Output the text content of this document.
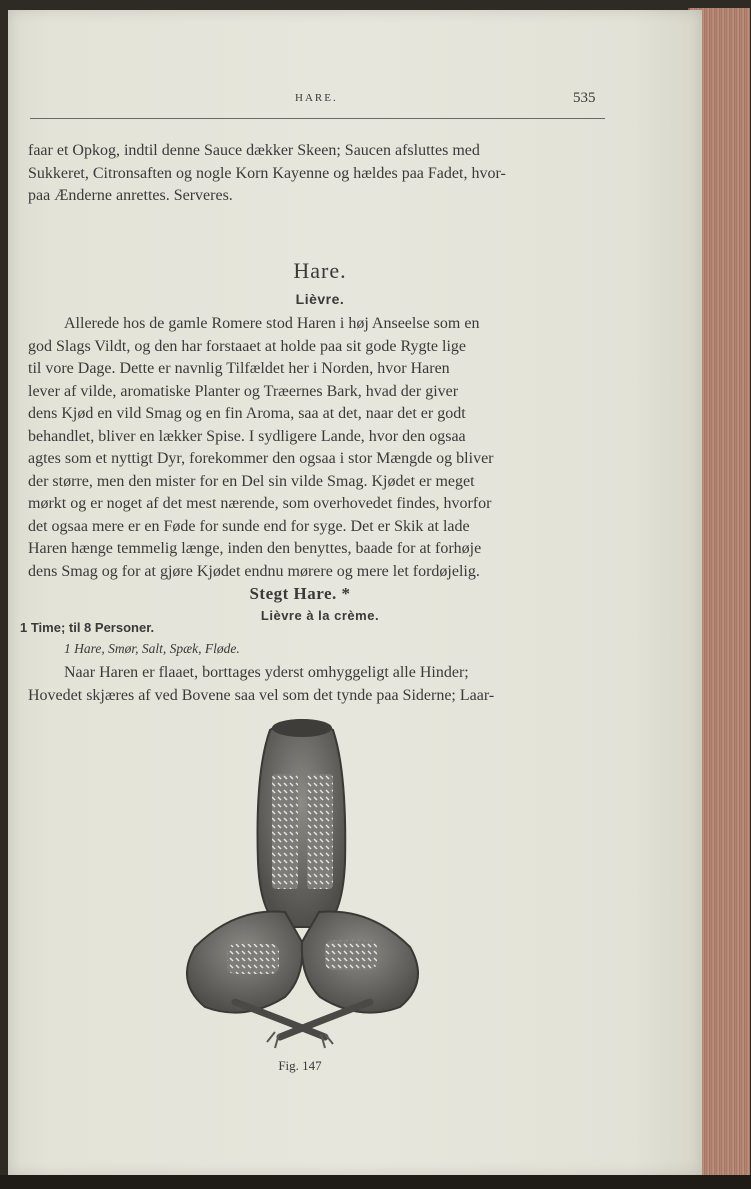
HARE.	535

faar et Opkog, indtil denne Sauce dækker Skeen; Saucen afsluttes med

Sukkeret, Citronsaften og nogle Korn Kayenne og hældes paa Fadet, hvor-

paa Ænderne anrettes. Serveres.

Hare.
Lièvre.

Allerede hos de gamle Romere stod Haren i høj Anseelse som en

god Slags Vildt, og den har forstaaet at holde paa sit gode Rygte lige

til vore Dage. Dette er navnlig Tilfældet her i Norden, hvor Haren

lever af vilde, aromatiske Planter og Træernes Bark, hvad der giver

dens Kjød en vild Smag og en fin Aroma, saa at det, naar det er godt

behandlet, bliver en lækker Spise. I sydligere Lande, hvor den ogsaa

agtes som et nyttigt Dyr, forekommer den ogsaa i stor Mængde og bliver

der større, men den mister for en Del sin vilde Smag. Kjødet er meget

mørkt og er noget af det mest nærende, som overhovedet findes, hvorfor

det ogsaa mere er en Føde for sunde end for syge. Det er Skik at lade

Haren hænge temmelig længe, inden den benyttes, baade for at forhøje

dens Smag og for at gjøre Kjødet endnu mørere og mere let fordøjelig.

Stegt Hare. *
Lièvre à la crème.
1 Time; til 8 Personer.
1 Hare, Smør, Salt, Spæk, Fløde.

Naar Haren er flaaet, borttages yderst omhyggeligt alle Hinder;

Hovedet skjæres af ved Bovene saa vel som det tynde paa Siderne; Laar-

Fig. 147
